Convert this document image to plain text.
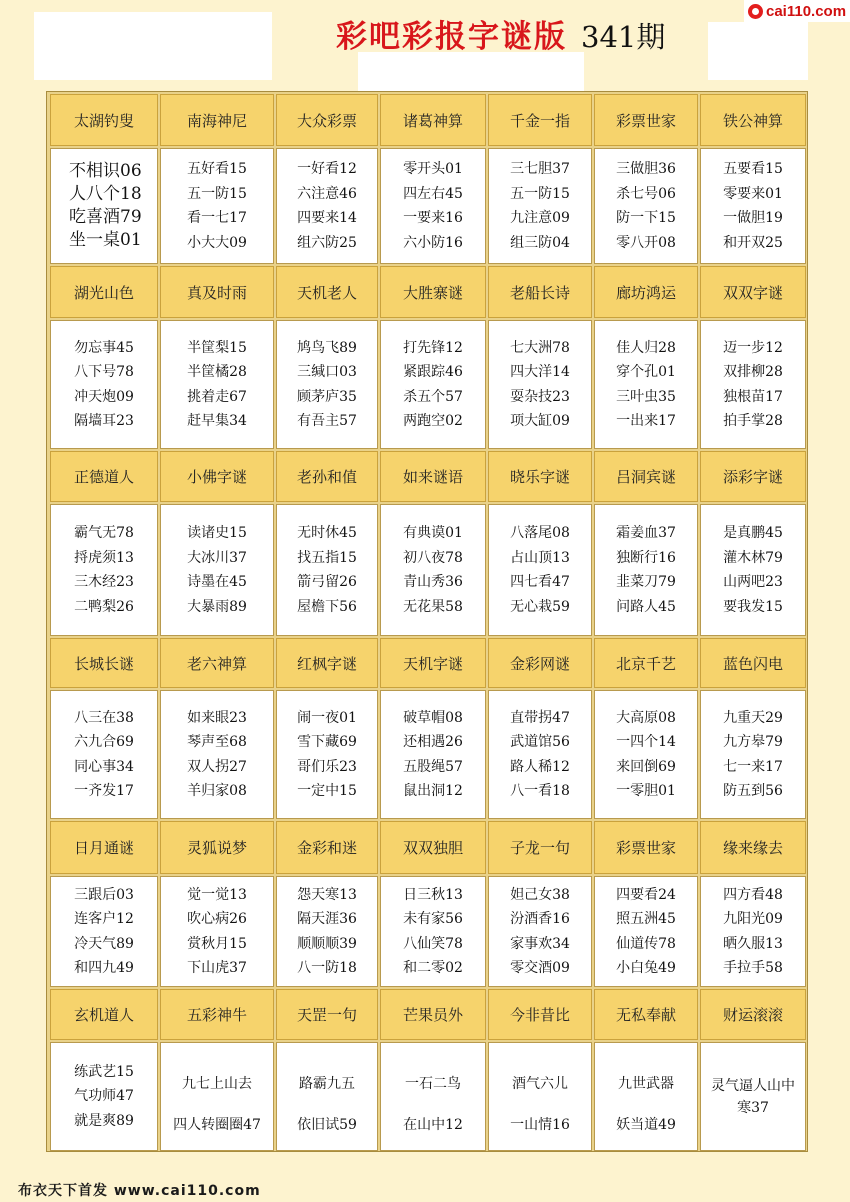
cai110.com
彩吧彩报字谜版 341期
太湖钓叟
不相识06
人八个18
吃喜酒79
坐一桌01
南海神尼
五好看15
五一防15
看一七17
小大大09
大众彩票
一好看12
六注意46
四要来14
组六防25
诸葛神算
零开头01
四左右45
一要来16
六小防16
千金一指
三七胆37
五一防15
九注意09
组三防04
彩票世家
三做胆36
杀七号06
防一下15
零八开08
铁公神算
五要看15
零要来01
一做胆19
和开双25
湖光山色
勿忘事45
八下号78
冲天炮09
隔墙耳23
真及时雨
半筐梨15
半筐橘28
挑着走67
赶早集34
天机老人
鸠鸟飞89
三缄口03
顾茅庐35
有吾主57
大胜寨谜
打先锋12
紧跟踪46
杀五个57
两跑空02
老船长诗
七大洲78
四大洋14
耍杂技23
项大缸09
廊坊鸿运
佳人归28
穿个孔01
三叶虫35
一出来17
双双字谜
迈一步12
双排柳28
独根苗17
拍手掌28
正德道人
霸气无78
捋虎须13
三木经23
二鸭梨26
小佛字谜
读诸史15
大冰川37
诗墨在45
大暴雨89
老孙和值
无时休45
找五指15
箭弓留26
屋檐下56
如来谜语
有典谟01
初八夜78
青山秀36
无花果58
晓乐字谜
八落尾08
占山顶13
四七看47
无心栽59
吕洞宾谜
霜姜血37
独断行16
韭菜刀79
问路人45
添彩字谜
是真鹏45
灌木林79
山两吧23
要我发15
长城长谜
八三在38
六九合69
同心事34
一齐发17
老六神算
如来眼23
琴声至68
双人拐27
羊归家08
红枫字谜
闹一夜01
雪下藏69
哥们乐23
一定中15
天机字谜
破草帽08
还相遇26
五股绳57
鼠出洞12
金彩网谜
直带拐47
武道馆56
路人稀12
八一看18
北京千艺
大高原08
一四个14
来回倒69
一零胆01
蓝色闪电
九重天29
九方皋79
七一来17
防五到56
日月通谜
三跟后03
连客户12
冷天气89
和四九49
灵狐说梦
觉一觉13
吹心病26
赏秋月15
下山虎37
金彩和迷
怨天寒13
隔天涯36
顺顺顺39
八一防18
双双独胆
日三秋13
未有家56
八仙笑78
和二零02
子龙一句
妲己女38
汾酒香16
家事欢34
零交酒09
彩票世家
四要看24
照五洲45
仙道传78
小白兔49
缘来缘去
四方看48
九阳光09
晒久服13
手拉手58
玄机道人
练武艺15
气功师47
就是爽89
五彩神牛
九七上山去
四人转圈圈47
天罡一句
路霸九五
依旧试59
芒果员外
一石二鸟
在山中12
今非昔比
酒气六儿
一山情16
无私奉献
九世武器
妖当道49
财运滚滚
灵气逼人山中寒37
布衣天下首发 www.cai110.com
